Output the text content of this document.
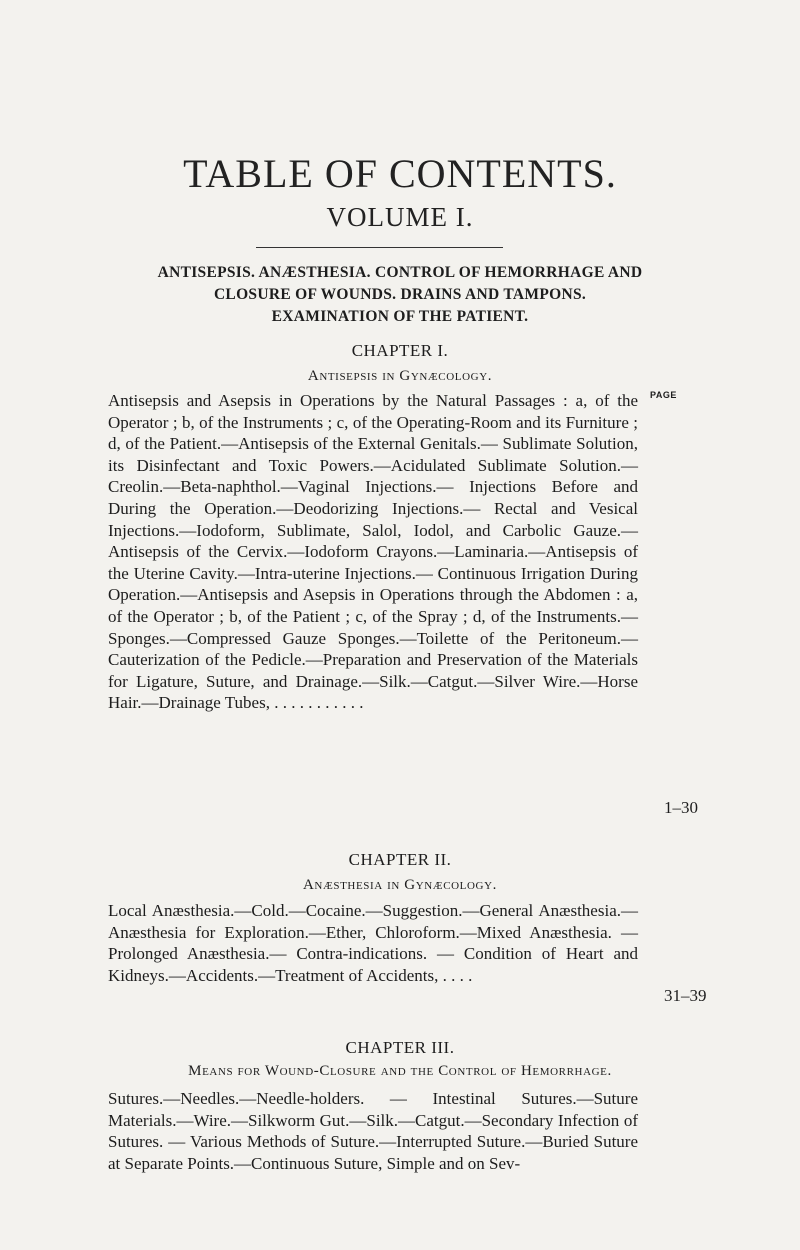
TABLE OF CONTENTS.
VOLUME I.
ANTISEPSIS. ANÆSTHESIA. CONTROL OF HEMORRHAGE AND
CLOSURE OF WOUNDS. DRAINS AND TAMPONS.
EXAMINATION OF THE PATIENT.
CHAPTER I.
Antisepsis in Gynæcology.
PAGE
Antisepsis and Asepsis in Operations by the Natural Passages : a, of the Operator ; b, of the Instruments ; c, of the Operating-Room and its Furniture ; d, of the Patient.—Antisepsis of the External Genitals.— Sublimate Solution, its Disinfectant and Toxic Powers.—Acidulated Sublimate Solution.—Creolin.—Beta-naphthol.—Vaginal Injections.— Injections Before and During the Operation.—Deodorizing Injections.— Rectal and Vesical Injections.—Iodoform, Sublimate, Salol, Iodol, and Carbolic Gauze.—Antisepsis of the Cervix.—Iodoform Crayons.—Laminaria.—Antisepsis of the Uterine Cavity.—Intra-uterine Injections.— Continuous Irrigation During Operation.—Antisepsis and Asepsis in Operations through the Abdomen : a, of the Operator ; b, of the Patient ; c, of the Spray ; d, of the Instruments.—Sponges.—Compressed Gauze Sponges.—Toilette of the Peritoneum.—Cauterization of the Pedicle.—Preparation and Preservation of the Materials for Ligature, Suture, and Drainage.—Silk.—Catgut.—Silver Wire.—Horse Hair.—Drainage Tubes, . . . . . . . . . . .
1–30
CHAPTER II.
Anæsthesia in Gynæcology.
Local Anæsthesia.—Cold.—Cocaine.—Suggestion.—General Anæsthesia.— Anæsthesia for Exploration.—Ether, Chloroform.—Mixed Anæsthesia. —Prolonged Anæsthesia.— Contra-indications. — Condition of Heart and Kidneys.—Accidents.—Treatment of Accidents, . . . .
31–39
CHAPTER III.
Means for Wound-Closure and the Control of Hemorrhage.
Sutures.—Needles.—Needle-holders. — Intestinal Sutures.—Suture Materials.—Wire.—Silkworm Gut.—Silk.—Catgut.—Secondary Infection of Sutures. — Various Methods of Suture.—Interrupted Suture.—Buried Suture at Separate Points.—Continuous Suture, Simple and on Sev-
